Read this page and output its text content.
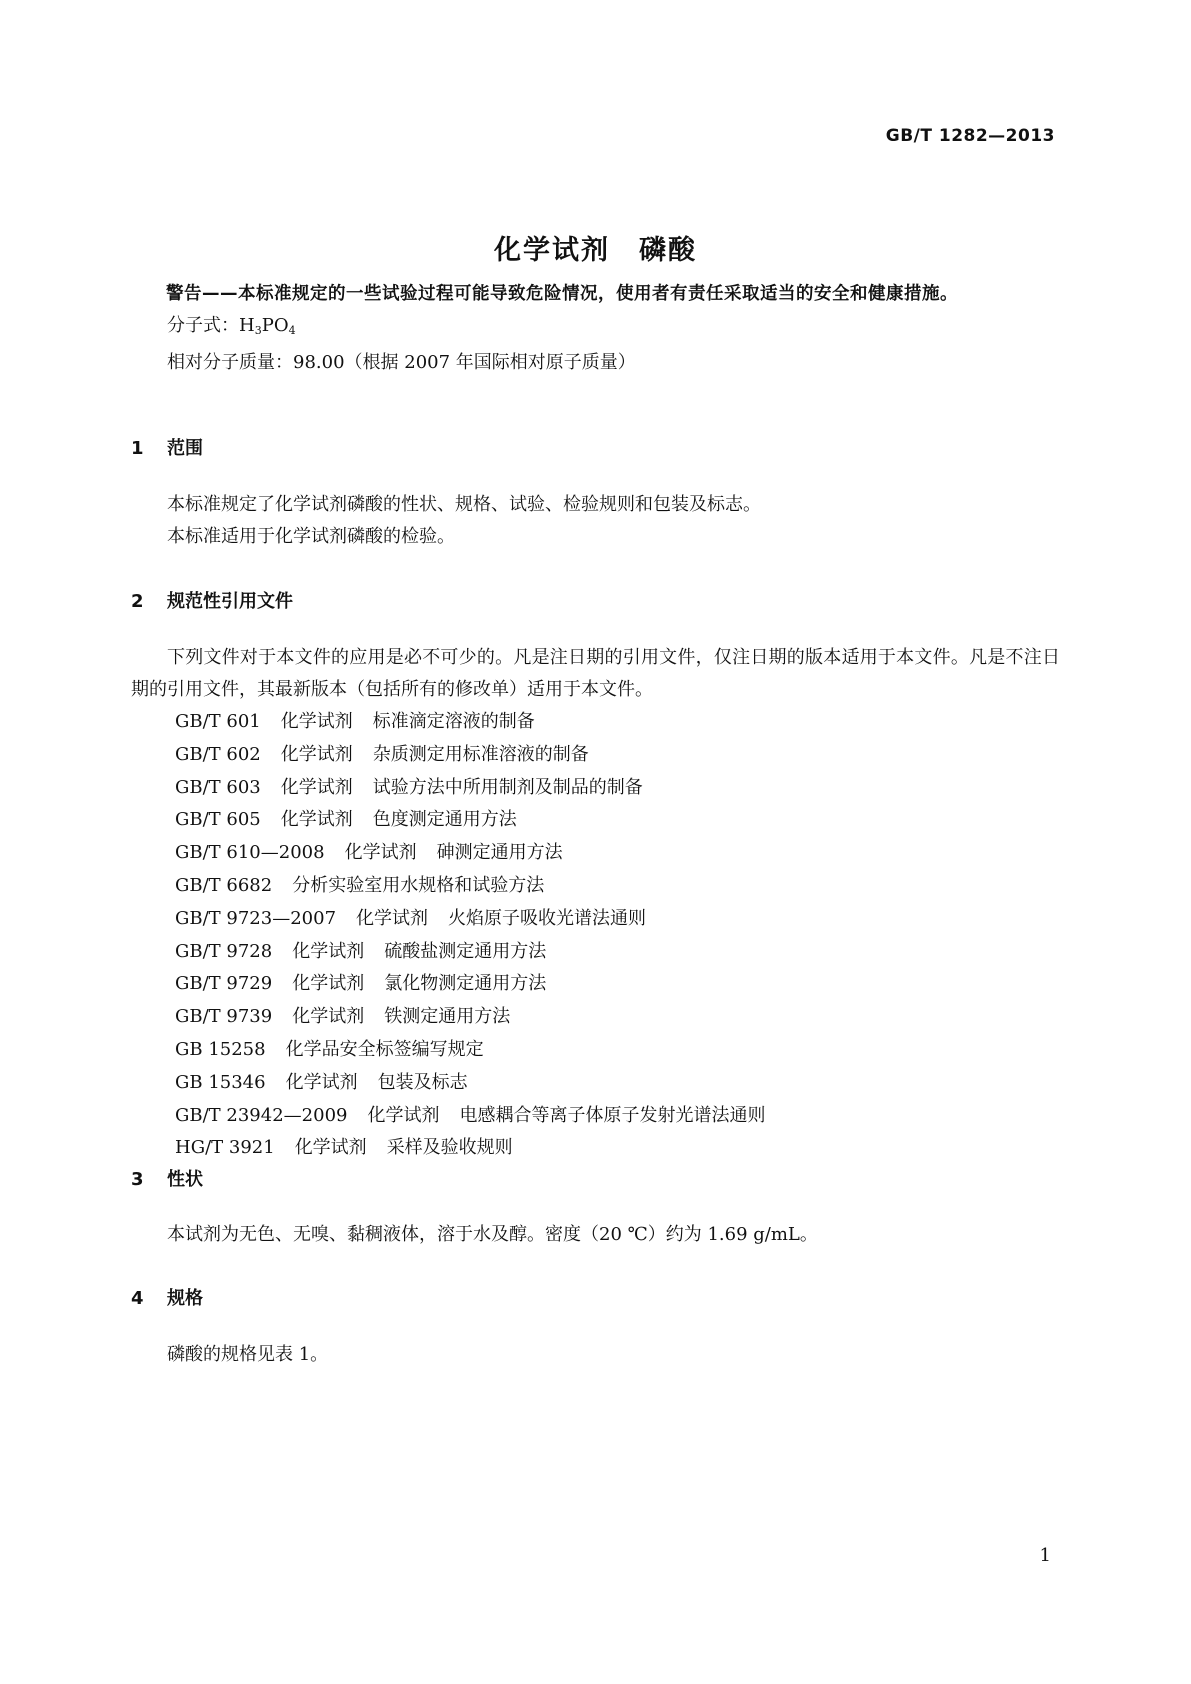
GB/T 1282—2013
化学试剂　磷酸

警告——本标准规定的一些试验过程可能导致危险情况，使用者有责任采取适当的安全和健康措施。

分子式：$H_3PO_4$

相对分子质量：98.00（根据 2007 年国际相对原子质量）

1 范围

本标准规定了化学试剂磷酸的性状、规格、试验、检验规则和包装及标志。

本标准适用于化学试剂磷酸的检验。

2 规范性引用文件

下列文件对于本文件的应用是必不可少的。凡是注日期的引用文件，仅注日期的版本适用于本文件。凡是不注日期的引用文件，其最新版本（包括所有的修改单）适用于本文件。

GB/T 601 化学试剂 标准滴定溶液的制备
GB/T 602 化学试剂 杂质测定用标准溶液的制备
GB/T 603 化学试剂 试验方法中所用制剂及制品的制备
GB/T 605 化学试剂 色度测定通用方法
GB/T 610—2008 化学试剂 砷测定通用方法
GB/T 6682 分析实验室用水规格和试验方法
GB/T 9723—2007 化学试剂 火焰原子吸收光谱法通则
GB/T 9728 化学试剂 硫酸盐测定通用方法
GB/T 9729 化学试剂 氯化物测定通用方法
GB/T 9739 化学试剂 铁测定通用方法
GB 15258 化学品安全标签编写规定
GB 15346 化学试剂 包装及标志
GB/T 23942—2009 化学试剂 电感耦合等离子体原子发射光谱法通则
HG/T 3921 化学试剂 采样及验收规则
3 性状

本试剂为无色、无嗅、黏稠液体，溶于水及醇。密度（20 ℃）约为 1.69 g/mL。

4 规格

磷酸的规格见表 1。

1
